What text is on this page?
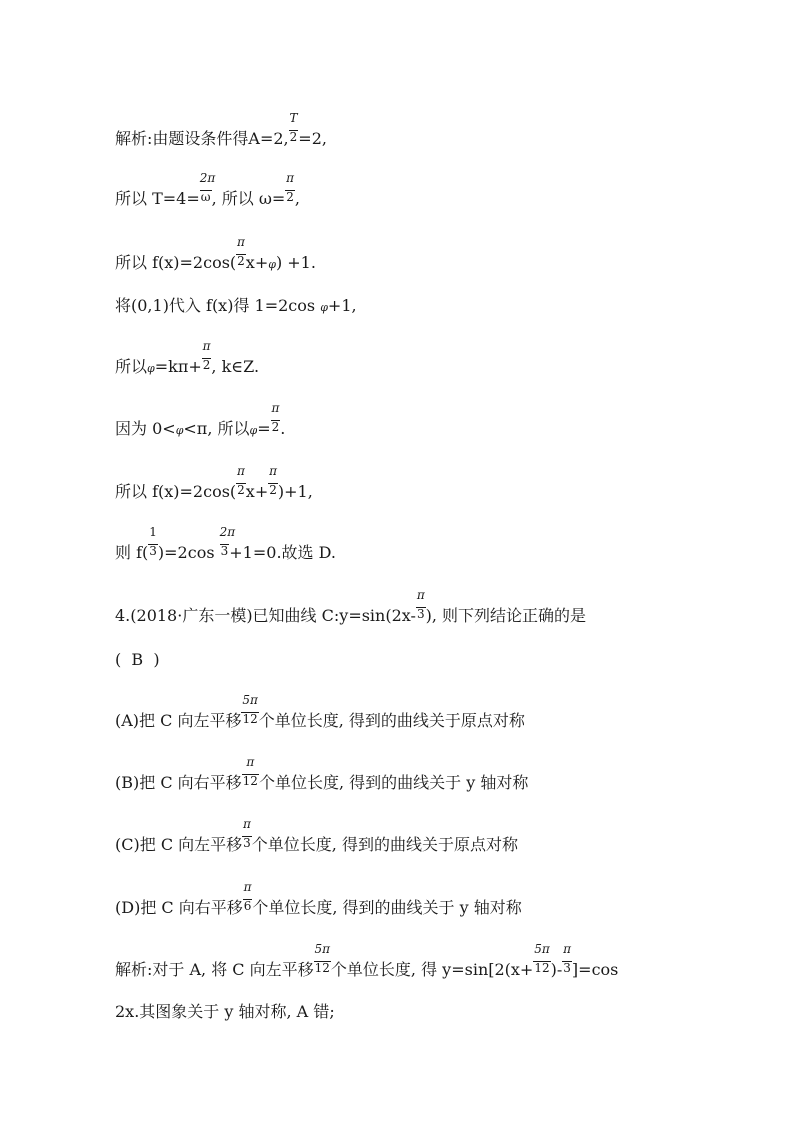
解析:由题设条件得A=2, $\frac{T}{2}=2$,
所以 $T=4= \frac{2\pi}{\omega}$, 所以 $\omega= \frac{\pi}{2}$,
所以 $f(x)=2\cos( \frac{\pi}{2}x+\varphi) +1$.
将(0,1)代入 f(x)得 1=2cos φ+1,
所以$\varphi=k\pi+ \frac{\pi}{2}$, k∈Z.
因为 0<φ<π, 所以$\varphi= \frac{\pi}{2}$.
所以 $f(x)=2\cos( \frac{\pi}{2}x+ \frac{\pi}{2})+1$,
则 $f( \frac{1}{3})=2\cos \frac{2\pi}{3}+1=0$.故选 D.
4.(2018·广东一模)已知曲线 C:y=sin(2x- $\frac{\pi}{3}$), 则下列结论正确的是
(  B  )
(A)把 C 向左平移 $\frac{5\pi}{12}$个单位长度, 得到的曲线关于原点对称
(B)把 C 向右平移 $\frac{\pi}{12}$个单位长度, 得到的曲线关于 y 轴对称
(C)把 C 向左平移 $\frac{\pi}{3}$个单位长度, 得到的曲线关于原点对称
(D)把 C 向右平移 $\frac{\pi}{6}$个单位长度, 得到的曲线关于 y 轴对称
解析:对于 A, 将 C 向左平移 $\frac{5\pi}{12}$个单位长度, 得 $y=\sin[2(x+ \frac{5\pi}{12})- \frac{\pi}{3}]=\cos$
2x.其图象关于 y 轴对称, A 错;
